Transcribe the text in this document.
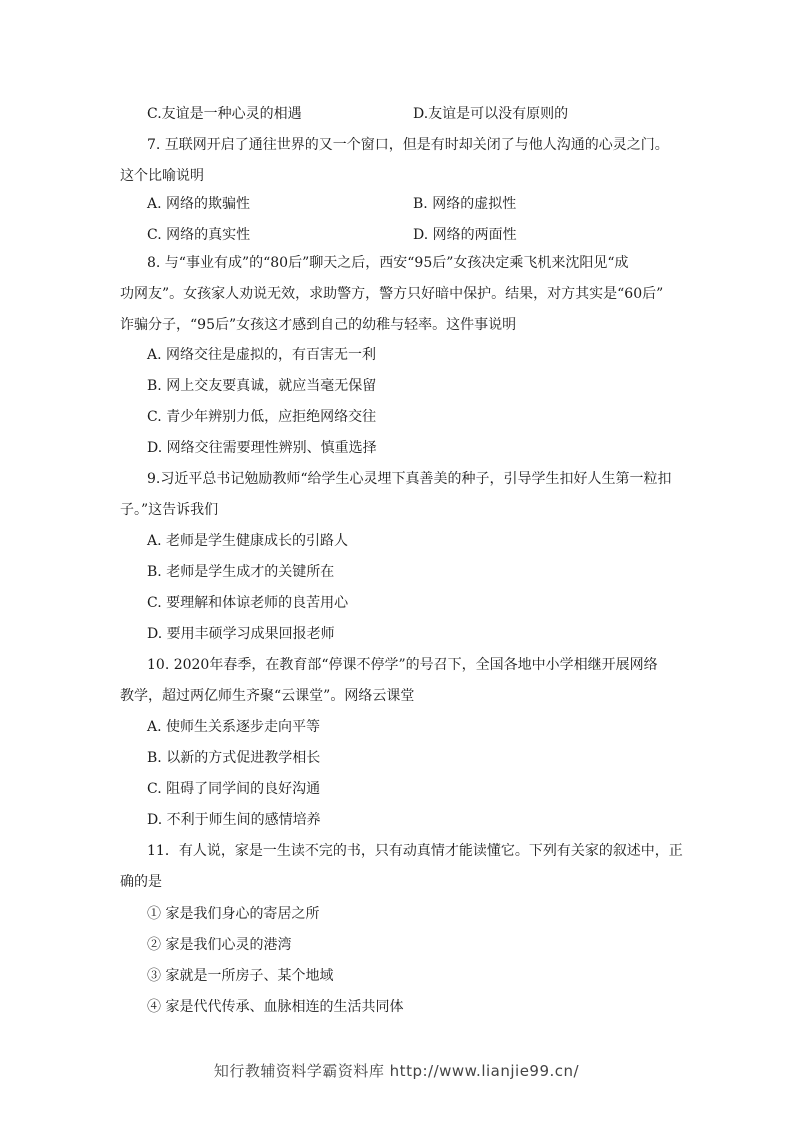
C.友谊是一种心灵的相遇	D.友谊是可以没有原则的
7. 互联网开启了通往世界的又一个窗口，但是有时却关闭了与他人沟通的心灵之门。
这个比喻说明
A. 网络的欺骗性	B. 网络的虚拟性
C. 网络的真实性	D. 网络的两面性
8. 与“事业有成”的“80后”聊天之后，西安“95后”女孩决定乘飞机来沈阳见“成
功网友”。女孩家人劝说无效，求助警方，警方只好暗中保护。结果，对方其实是“60后”
诈骗分子，“95后”女孩这才感到自己的幼稚与轻率。这件事说明
A. 网络交往是虚拟的，有百害无一利
B. 网上交友要真诚，就应当毫无保留
C. 青少年辨别力低，应拒绝网络交往
D. 网络交往需要理性辨别、慎重选择
9.习近平总书记勉励教师“给学生心灵埋下真善美的种子，引导学生扣好人生第一粒扣
子。”这告诉我们
A. 老师是学生健康成长的引路人
B. 老师是学生成才的关键所在
C. 要理解和体谅老师的良苦用心
D. 要用丰硕学习成果回报老师
10. 2020年春季，在教育部“停课不停学”的号召下，全国各地中小学相继开展网络
教学，超过两亿师生齐聚“云课堂”。网络云课堂
A. 使师生关系逐步走向平等
B. 以新的方式促进教学相长
C. 阻碍了同学间的良好沟通
D. 不利于师生间的感情培养
11．有人说，家是一生读不完的书，只有动真情才能读懂它。下列有关家的叙述中，正
确的是
① 家是我们身心的寄居之所
② 家是我们心灵的港湾
③ 家就是一所房子、某个地域
④ 家是代代传承、血脉相连的生活共同体
知行教辅资料学霸资料库 http://www.lianjie99.cn/
